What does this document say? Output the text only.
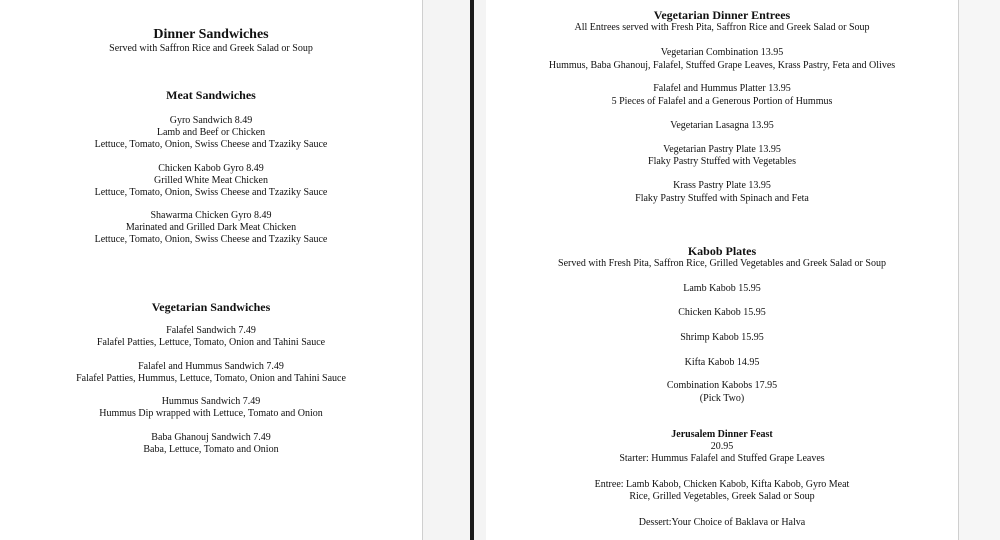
Dinner Sandwiches
Served with Saffron Rice and Greek Salad or Soup
Meat Sandwiches
Gyro Sandwich 8.49
Lamb and Beef or Chicken
Lettuce, Tomato, Onion, Swiss Cheese and Tzaziky Sauce
Chicken Kabob Gyro 8.49
Grilled White Meat Chicken
Lettuce, Tomato, Onion, Swiss Cheese and Tzaziky Sauce
Shawarma Chicken Gyro 8.49
Marinated and Grilled Dark Meat Chicken
Lettuce, Tomato, Onion, Swiss Cheese and Tzaziky Sauce
Vegetarian Sandwiches
Falafel Sandwich 7.49
Falafel Patties, Lettuce, Tomato, Onion and Tahini Sauce
Falafel and Hummus Sandwich 7.49
Falafel Patties, Hummus, Lettuce, Tomato, Onion and Tahini Sauce
Hummus Sandwich 7.49
Hummus Dip wrapped with Lettuce, Tomato and Onion
Baba Ghanouj Sandwich 7.49
Baba, Lettuce, Tomato and Onion
Vegetarian Dinner Entrees
All Entrees served with Fresh Pita, Saffron Rice and Greek Salad or Soup
Vegetarian Combination 13.95
Hummus, Baba Ghanouj, Falafel, Stuffed Grape Leaves, Krass Pastry, Feta and Olives
Falafel and Hummus Platter 13.95
5 Pieces of Falafel and a Generous Portion of Hummus
Vegetarian Lasagna 13.95
Vegetarian Pastry Plate 13.95
Flaky Pastry Stuffed with Vegetables
Krass Pastry Plate 13.95
Flaky Pastry Stuffed with Spinach and Feta
Kabob Plates
Served with Fresh Pita, Saffron Rice, Grilled Vegetables and Greek Salad or Soup
Lamb Kabob 15.95
Chicken Kabob 15.95
Shrimp Kabob 15.95
Kifta Kabob 14.95
Combination Kabobs 17.95
(Pick Two)
Jerusalem Dinner Feast
20.95
Starter: Hummus Falafel and Stuffed Grape Leaves
Entree: Lamb Kabob, Chicken Kabob, Kifta Kabob, Gyro Meat
Rice, Grilled Vegetables, Greek Salad or Soup
Dessert:Your Choice of Baklava or Halva
